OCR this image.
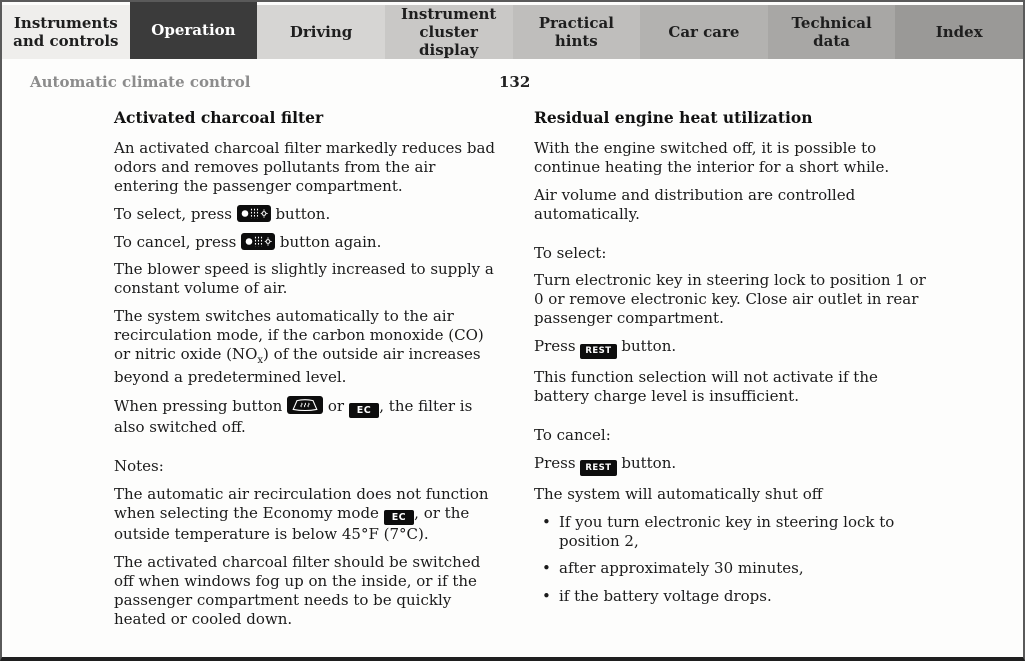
Instruments and controls
Operation	Driving
Instrument cluster display
Practical hints
Car care
Technical data
Index
Automatic climate control	132
Activated charcoal filter

An activated charcoal filter markedly reduces bad odors and removes pollutants from the air entering the passenger compartment.

To select, press  button.

To cancel, press  button again.

The blower speed is slightly increased to supply a constant volume of air.

The system switches automatically to the air recirculation mode, if the carbon monoxide (CO) or nitric oxide $(NO_x)$ of the outside air increases beyond a predetermined level.

When pressing button  or EC , the filter is also switched off.

Notes:

The automatic air recirculation does not function when selecting the Economy mode EC , or the outside temperature is below 45°F (7°C).

The activated charcoal filter should be switched off when windows fog up on the inside, or if the passenger compartment needs to be quickly heated or cooled down.

Residual engine heat utilization

With the engine switched off, it is possible to continue heating the interior for a short while.

Air volume and distribution are controlled automatically.

To select:

Turn electronic key in steering lock to position 1 or 0 or remove electronic key. Close air outlet in rear passenger compartment.

Press REST button.

This function selection will not activate if the battery charge level is insufficient.

To cancel:

Press REST button.

The system will automatically shut off

• If you turn electronic key in steering lock to position 2,
• after approximately 30 minutes,
• if the battery voltage drops.
